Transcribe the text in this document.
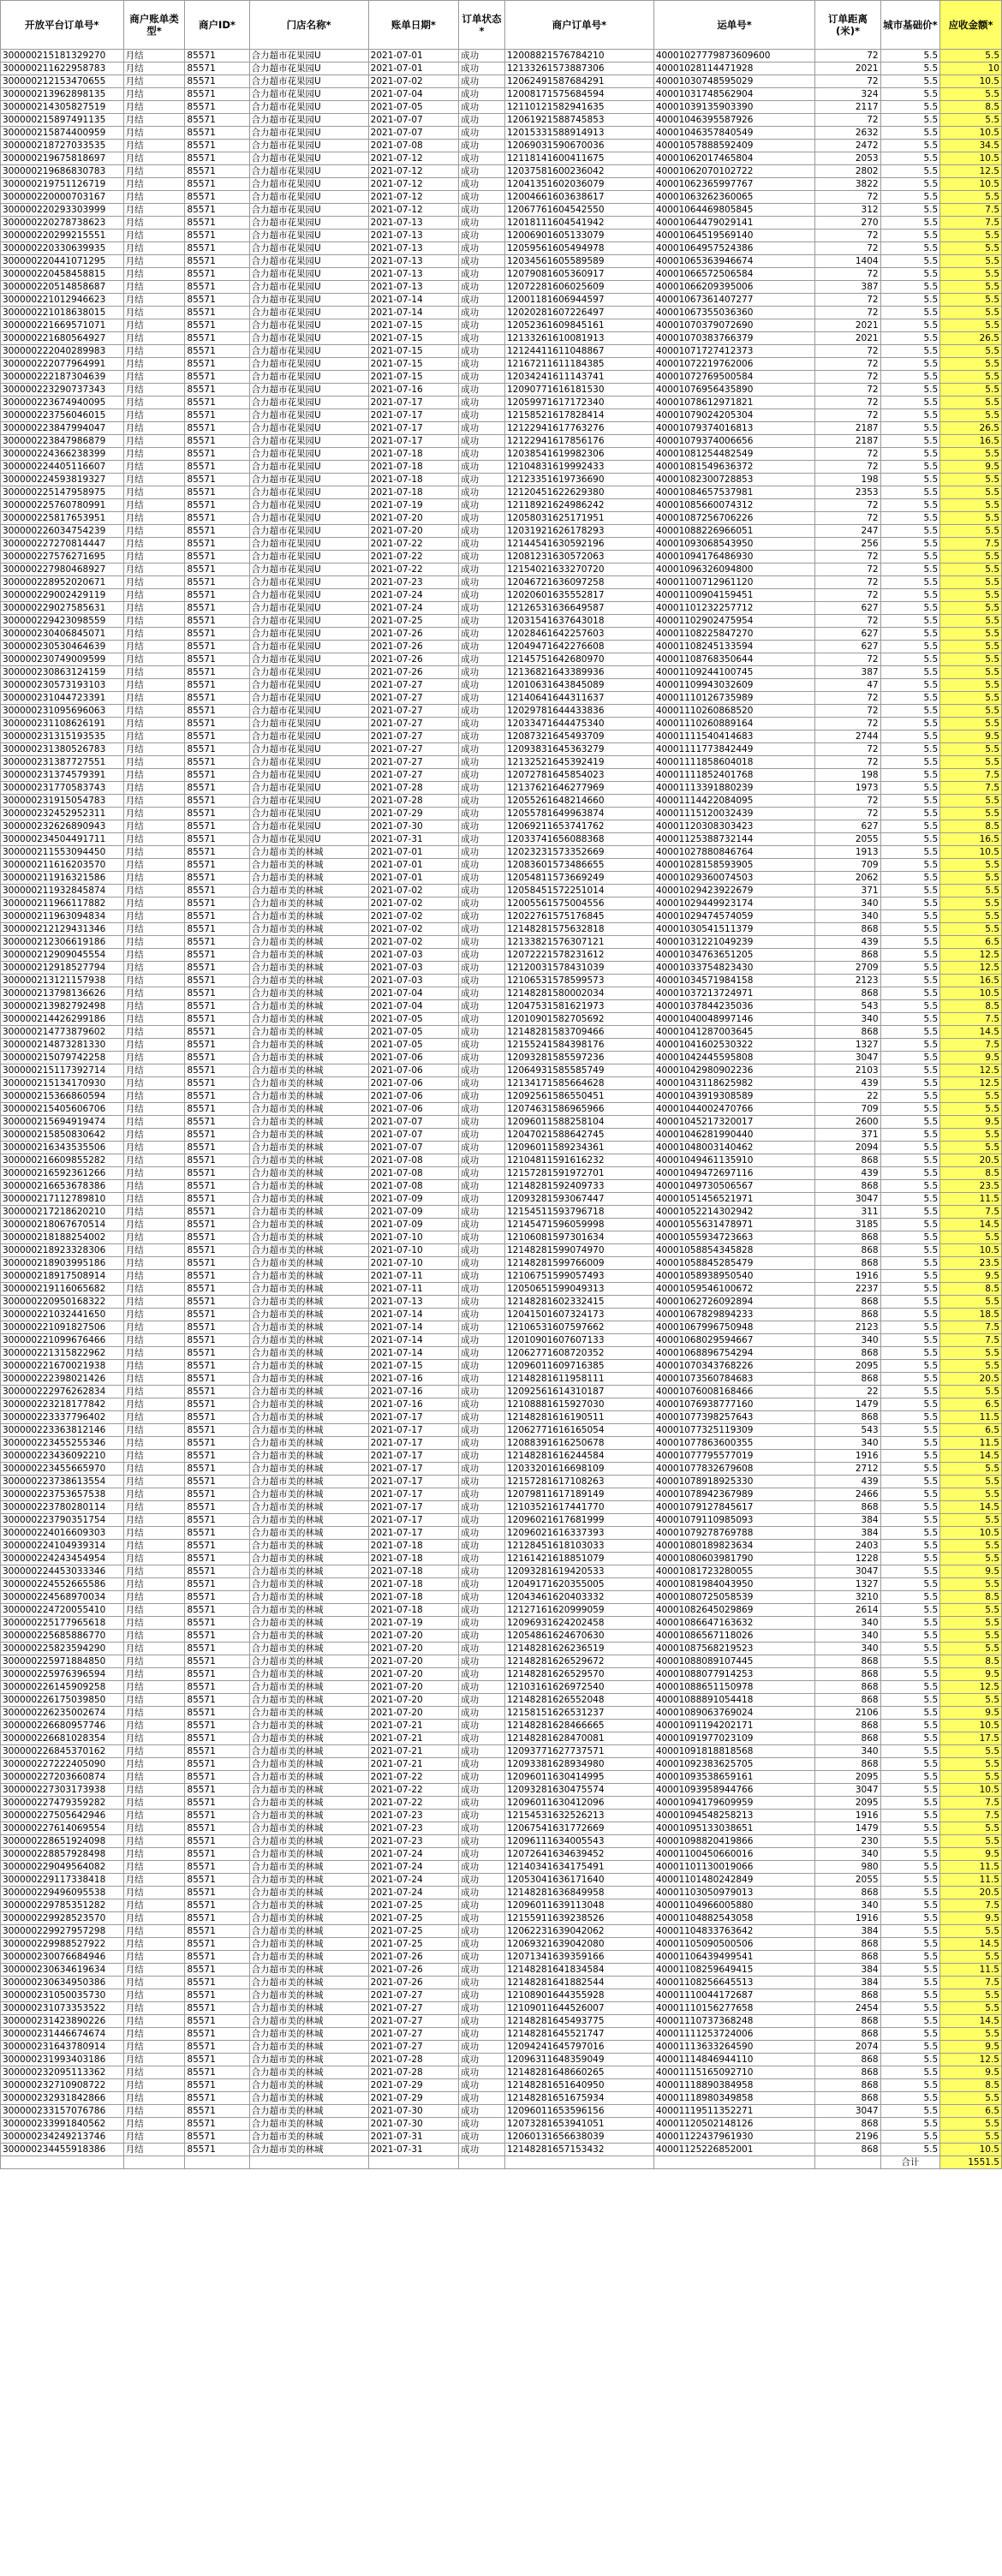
开放平台订单号*	商户账单类型*	商户ID*	门店名称*	账单日期*	订单状态*	商户订单号*	运单号*	订单距离(米)*	城市基础价*	应收金额*
300000215181329270	月结	85571	合力超市花果园U	2021-07-01	成功	12008821576784210	40001027779873609600	72	5.5	5.5
300000211622958783	月结	85571	合力超市花果园U	2021-07-01	成功	12133261573887306	40001028114471928	2021	5.5	10
300000212153470655	月结	85571	合力超市花果园U	2021-07-02	成功	12062491587684291	40001030748595029	72	5.5	10.5
300000213962898135	月结	85571	合力超市花果园U	2021-07-04	成功	12008171575684594	40001031748562904	324	5.5	5.5
300000214305827519	月结	85571	合力超市花果园U	2021-07-05	成功	12110121582941635	40001039135903390	2117	5.5	8.5
300000215897491135	月结	85571	合力超市花果园U	2021-07-07	成功	12061921588745853	40001046395587926	72	5.5	5.5
300000215874400959	月结	85571	合力超市花果园U	2021-07-07	成功	12015331588914913	40001046357840549	2632	5.5	10.5
300000218727033535	月结	85571	合力超市花果园U	2021-07-08	成功	12069031590670036	40001057888592409	2472	5.5	34.5
300000219675818697	月结	85571	合力超市花果园U	2021-07-12	成功	12118141600411675	40001062017465804	2053	5.5	10.5
300000219686830783	月结	85571	合力超市花果园U	2021-07-12	成功	12037581600236042	40001062070102722	2802	5.5	12.5
300000219751126719	月结	85571	合力超市花果园U	2021-07-12	成功	12041351602036079	40001062365997767	3822	5.5	10.5
300000220000703167	月结	85571	合力超市花果园U	2021-07-12	成功	12004661603638617	40001063262360065	72	5.5	5.5
300000220293303999	月结	85571	合力超市花果园U	2021-07-12	成功	12067761604542550	40001064469805845	312	5.5	7.5
300000220278738623	月结	85571	合力超市花果园U	2021-07-13	成功	12018111604541942	40001064479029141	270	5.5	7.5
300000220299215551	月结	85571	合力超市花果园U	2021-07-13	成功	12006901605133079	40001064519569140	72	5.5	5.5
300000220330639935	月结	85571	合力超市花果园U	2021-07-13	成功	12059561605494978	40001064957524386	72	5.5	5.5
300000220441071295	月结	85571	合力超市花果园U	2021-07-13	成功	12034561605589589	40001065363946674	1404	5.5	5.5
300000220458458815	月结	85571	合力超市花果园U	2021-07-13	成功	12079081605360917	40001066572506584	72	5.5	5.5
300000220514858687	月结	85571	合力超市花果园U	2021-07-13	成功	12072281606025609	40001066209395006	387	5.5	5.5
300000221012946623	月结	85571	合力超市花果园U	2021-07-14	成功	12001181606944597	40001067361407277	72	5.5	5.5
300000221018638015	月结	85571	合力超市花果园U	2021-07-14	成功	12020281607226497	40001067355036360	72	5.5	5.5
300000221669571071	月结	85571	合力超市花果园U	2021-07-15	成功	12052361609845161	40001070379072690	2021	5.5	5.5
300000221680564927	月结	85571	合力超市花果园U	2021-07-15	成功	12133261610081913	40001070383766379	2021	5.5	26.5
300000222040289983	月结	85571	合力超市花果园U	2021-07-15	成功	12124411611048867	40001071727412373	72	5.5	5.5
300000222077964991	月结	85571	合力超市花果园U	2021-07-15	成功	12167211611184385	40001072219762006	72	5.5	5.5
300000222187304639	月结	85571	合力超市花果园U	2021-07-15	成功	12034241611143741	40001072769500584	72	5.5	5.5
300000223290737343	月结	85571	合力超市花果园U	2021-07-16	成功	12090771616181530	40001076956435890	72	5.5	5.5
300000223674940095	月结	85571	合力超市花果园U	2021-07-17	成功	12059971617172340	40001078612971821	72	5.5	5.5
300000223756046015	月结	85571	合力超市花果园U	2021-07-17	成功	12158521617828414	40001079024205304	72	5.5	5.5
300000223847994047	月结	85571	合力超市花果园U	2021-07-17	成功	12122941617763276	40001079374016813	2187	5.5	26.5
300000223847986879	月结	85571	合力超市花果园U	2021-07-17	成功	12122941617856176	40001079374006656	2187	5.5	16.5
300000224366238399	月结	85571	合力超市花果园U	2021-07-18	成功	12038541619982306	40001081254482549	72	5.5	5.5
300000224405116607	月结	85571	合力超市花果园U	2021-07-18	成功	12104831619992433	40001081549636372	72	5.5	9.5
300000224593819327	月结	85571	合力超市花果园U	2021-07-18	成功	12123351619736690	40001082300728853	198	5.5	5.5
300000225147958975	月结	85571	合力超市花果园U	2021-07-18	成功	12120451622629380	40001084657537981	2353	5.5	5.5
300000225760780991	月结	85571	合力超市花果园U	2021-07-19	成功	12118921624986242	40001085660074312	72	5.5	5.5
300000225817653951	月结	85571	合力超市花果园U	2021-07-20	成功	12058031625171951	40001087256706226	72	5.5	5.5
300000226034754239	月结	85571	合力超市花果园U	2021-07-20	成功	12031921626178293	40001088226966051	247	5.5	5.5
300000227270814447	月结	85571	合力超市花果园U	2021-07-22	成功	12144541630592196	40001093068543950	256	5.5	7.5
300000227576271695	月结	85571	合力超市花果园U	2021-07-22	成功	12081231630572063	40001094176486930	72	5.5	5.5
300000227980468927	月结	85571	合力超市花果园U	2021-07-22	成功	12154021633270720	40001096326094800	72	5.5	5.5
300000228952020671	月结	85571	合力超市花果园U	2021-07-23	成功	12046721636097258	40001100712961120	72	5.5	5.5
300000229002429119	月结	85571	合力超市花果园U	2021-07-24	成功	12020601635552817	40001100904159451	72	5.5	5.5
300000229027585631	月结	85571	合力超市花果园U	2021-07-24	成功	12126531636649587	40001101232257712	627	5.5	5.5
300000229423098559	月结	85571	合力超市花果园U	2021-07-25	成功	12031541637643018	40001102902475954	72	5.5	5.5
300000230406845071	月结	85571	合力超市花果园U	2021-07-26	成功	12028461642257603	40001108225847270	627	5.5	5.5
300000230530464639	月结	85571	合力超市花果园U	2021-07-26	成功	12049471642276608	40001108245133594	627	5.5	5.5
300000230749009599	月结	85571	合力超市花果园U	2021-07-26	成功	12145751642680970	40001108768350644	72	5.5	5.5
300000230863124159	月结	85571	合力超市花果园U	2021-07-26	成功	12136821643389936	40001109244100745	387	5.5	5.5
300000230573193103	月结	85571	合力超市花果园U	2021-07-27	成功	12010631643845089	40001109943032609	47	5.5	5.5
300000231044723391	月结	85571	合力超市花果园U	2021-07-27	成功	12140641644311637	40001110126735989	72	5.5	5.5
300000231095696063	月结	85571	合力超市花果园U	2021-07-27	成功	12029781644433836	40001110260868520	72	5.5	5.5
300000231108626191	月结	85571	合力超市花果园U	2021-07-27	成功	12033471644475340	40001110260889164	72	5.5	5.5
300000231315193535	月结	85571	合力超市花果园U	2021-07-27	成功	12087321645493709	40001111540414683	2744	5.5	9.5
300000231380526783	月结	85571	合力超市花果园U	2021-07-27	成功	12093831645363279	40001111773842449	72	5.5	5.5
300000231387727551	月结	85571	合力超市花果园U	2021-07-27	成功	12132521645392419	40001111858604018	72	5.5	5.5
300000231374579391	月结	85571	合力超市花果园U	2021-07-27	成功	12072781645854023	40001111852401768	198	5.5	7.5
300000231770583743	月结	85571	合力超市花果园U	2021-07-28	成功	12137621646277969	40001113391880239	1973	5.5	7.5
300000231915054783	月结	85571	合力超市花果园U	2021-07-28	成功	12055261648214660	40001114422084095	72	5.5	5.5
300000232452952311	月结	85571	合力超市花果园U	2021-07-29	成功	12055781649963874	40001115120032439	72	5.5	5.5
300000232626890943	月结	85571	合力超市花果园U	2021-07-30	成功	12069211653741762	40001120308303423	627	5.5	8.5
300000234504491711	月结	85571	合力超市花果园U	2021-07-31	成功	12033741656088368	40001125388732144	2055	5.5	16.5
300000211553094450	月结	85571	合力超市美的林城	2021-07-01	成功	12023231573352669	40001027880846764	1913	5.5	10.5
300000211616203570	月结	85571	合力超市美的林城	2021-07-01	成功	12083601573486655	40001028158593905	709	5.5	5.5
300000211916321586	月结	85571	合力超市美的林城	2021-07-01	成功	12054811573669249	40001029360074503	2062	5.5	5.5
300000211932845874	月结	85571	合力超市美的林城	2021-07-02	成功	12058451572251014	40001029423922679	371	5.5	5.5
300000211966117882	月结	85571	合力超市美的林城	2021-07-02	成功	12005561575004556	40001029449923174	340	5.5	5.5
300000211963094834	月结	85571	合力超市美的林城	2021-07-02	成功	12022761575176845	40001029474574059	340	5.5	5.5
300000212129431346	月结	85571	合力超市美的林城	2021-07-02	成功	12148281575632818	40001030541511379	868	5.5	5.5
300000212306619186	月结	85571	合力超市美的林城	2021-07-02	成功	12133821576307121	40001031221049239	439	5.5	6.5
300000212909045554	月结	85571	合力超市美的林城	2021-07-03	成功	12072221578231612	40001034763651205	868	5.5	12.5
300000212918527794	月结	85571	合力超市美的林城	2021-07-03	成功	12120031578431039	40001033754823430	2709	5.5	12.5
300000213121157938	月结	85571	合力超市美的林城	2021-07-03	成功	12106531578599573	40001034571984158	2123	5.5	16.5
300000213798136626	月结	85571	合力超市美的林城	2021-07-04	成功	12148281580002034	40001037213724971	868	5.5	10.5
300000213982792498	月结	85571	合力超市美的林城	2021-07-04	成功	12047531581621973	40001037844235036	543	5.5	8.5
300000214426299186	月结	85571	合力超市美的林城	2021-07-05	成功	12010901582705692	40001040048997146	340	5.5	7.5
300000214773879602	月结	85571	合力超市美的林城	2021-07-05	成功	12148281583709466	40001041287003645	868	5.5	14.5
300000214873281330	月结	85571	合力超市美的林城	2021-07-05	成功	12155241584398176	40001041602530322	1327	5.5	7.5
300000215079742258	月结	85571	合力超市美的林城	2021-07-06	成功	12093281585597236	40001042445595808	3047	5.5	9.5
300000215117392714	月结	85571	合力超市美的林城	2021-07-06	成功	12064931585585749	40001042980902236	2103	5.5	12.5
300000215134170930	月结	85571	合力超市美的林城	2021-07-06	成功	12134171585664628	40001043118625982	439	5.5	12.5
300000215366860594	月结	85571	合力超市美的林城	2021-07-06	成功	12092561586550451	40001043919308589	22	5.5	5.5
300000215405606706	月结	85571	合力超市美的林城	2021-07-06	成功	12074631586965966	40001044002470766	709	5.5	5.5
300000215694919474	月结	85571	合力超市美的林城	2021-07-07	成功	12096011588258104	40001045217320017	2600	5.5	9.5
300000215850830642	月结	85571	合力超市美的林城	2021-07-07	成功	12047021588642745	40001046281990440	371	5.5	5.5
300000216343535506	月结	85571	合力超市美的林城	2021-07-07	成功	12096011589234361	40001048003140462	2094	5.5	5.5
300000216609855282	月结	85571	合力超市美的林城	2021-07-08	成功	12104811591616232	40001049461135910	868	5.5	20.5
300000216592361266	月结	85571	合力超市美的林城	2021-07-08	成功	12157281591972701	40001049472697116	439	5.5	8.5
300000216653678386	月结	85571	合力超市美的林城	2021-07-08	成功	12148281592409733	40001049730506567	868	5.5	23.5
300000217112789810	月结	85571	合力超市美的林城	2021-07-09	成功	12093281593067447	40001051456521971	3047	5.5	11.5
300000217218620210	月结	85571	合力超市美的林城	2021-07-09	成功	12154511593796718	40001052214302942	311	5.5	7.5
300000218067670514	月结	85571	合力超市美的林城	2021-07-09	成功	12145471596059998	40001055631478971	3185	5.5	14.5
300000218188254002	月结	85571	合力超市美的林城	2021-07-10	成功	12106081597301634	40001055934723663	868	5.5	5.5
300000218923328306	月结	85571	合力超市美的林城	2021-07-10	成功	12148281599074970	40001058854345828	868	5.5	10.5
300000218903995186	月结	85571	合力超市美的林城	2021-07-10	成功	12148281599766009	40001058845285479	868	5.5	23.5
300000218917508914	月结	85571	合力超市美的林城	2021-07-11	成功	12106751599057493	40001058938950540	1916	5.5	9.5
300000219116065682	月结	85571	合力超市美的林城	2021-07-11	成功	12050651599049313	40001059546100672	2237	5.5	8.5
300000220950168322	月结	85571	合力超市美的林城	2021-07-13	成功	12148281602332415	40001062726092894	868	5.5	5.5
300000221032441650	月结	85571	合力超市美的林城	2021-07-14	成功	12041501607324173	40001067829894233	868	5.5	18.5
300000221091827506	月结	85571	合力超市美的林城	2021-07-14	成功	12106531607597662	40001067996750948	2123	5.5	7.5
300000221099676466	月结	85571	合力超市美的林城	2021-07-14	成功	12010901607607133	40001068029594667	340	5.5	7.5
300000221315822962	月结	85571	合力超市美的林城	2021-07-14	成功	12062771608720352	40001068896754294	868	5.5	5.5
300000221670021938	月结	85571	合力超市美的林城	2021-07-15	成功	12096011609716385	40001070343768226	2095	5.5	5.5
300000222398021426	月结	85571	合力超市美的林城	2021-07-16	成功	12148281611958111	40001073560784683	868	5.5	20.5
300000222976262834	月结	85571	合力超市美的林城	2021-07-16	成功	12092561614310187	40001076008168466	22	5.5	5.5
300000223218177842	月结	85571	合力超市美的林城	2021-07-16	成功	12108881615927030	40001076938777160	1479	5.5	6.5
300000223337796402	月结	85571	合力超市美的林城	2021-07-17	成功	12148281616190511	40001077398257643	868	5.5	11.5
300000223363812146	月结	85571	合力超市美的林城	2021-07-17	成功	12062771616165054	40001077325119309	543	5.5	6.5
300000223455255346	月结	85571	合力超市美的林城	2021-07-17	成功	12088391616250678	40001077863600355	340	5.5	11.5
300000223436092210	月结	85571	合力超市美的林城	2021-07-17	成功	12148281616244584	40001077795577019	1916	5.5	14.5
300000223455665970	月结	85571	合力超市美的林城	2021-07-17	成功	12033201616698109	40001077832679608	2712	5.5	5.5
300000223738613554	月结	85571	合力超市美的林城	2021-07-17	成功	12157281617108263	40001078918925330	439	5.5	5.5
300000223753657538	月结	85571	合力超市美的林城	2021-07-17	成功	12079811617189149	40001078942367989	2466	5.5	5.5
300000223780280114	月结	85571	合力超市美的林城	2021-07-17	成功	12103521617441770	40001079127845617	868	5.5	14.5
300000223790351754	月结	85571	合力超市美的林城	2021-07-17	成功	12096021617681999	40001079110985093	384	5.5	5.5
300000224016609303	月结	85571	合力超市美的林城	2021-07-17	成功	12096021616337393	40001079278769788	384	5.5	10.5
300000224104939314	月结	85571	合力超市美的林城	2021-07-18	成功	12128451618103033	40001080189823634	2403	5.5	5.5
300000224243454954	月结	85571	合力超市美的林城	2021-07-18	成功	12161421618851079	40001080603981790	1228	5.5	5.5
300000224453033346	月结	85571	合力超市美的林城	2021-07-18	成功	12093281619420533	40001081723280055	3047	5.5	9.5
300000224552665586	月结	85571	合力超市美的林城	2021-07-18	成功	12049171620355005	40001081984043950	1327	5.5	5.5
300000224568970034	月结	85571	合力超市美的林城	2021-07-18	成功	12043461620403332	40001080725058539	3210	5.5	8.5
300000224720055410	月结	85571	合力超市美的林城	2021-07-18	成功	12127161620999059	40001082645029869	2614	5.5	5.5
300000225177965618	月结	85571	合力超市美的林城	2021-07-19	成功	12096931624202458	40001086647163632	340	5.5	5.5
300000225685886770	月结	85571	合力超市美的林城	2021-07-20	成功	12054861624670630	40001086567118026	340	5.5	5.5
300000225823594290	月结	85571	合力超市美的林城	2021-07-20	成功	12148281626236519	40001087568219523	340	5.5	5.5
300000225971884850	月结	85571	合力超市美的林城	2021-07-20	成功	12148281626529672	40001088089107445	868	5.5	8.5
300000225976396594	月结	85571	合力超市美的林城	2021-07-20	成功	12148281626529570	40001088077914253	868	5.5	9.5
300000226145909258	月结	85571	合力超市美的林城	2021-07-20	成功	12103161626972540	40001088651150978	868	5.5	12.5
300000226175039850	月结	85571	合力超市美的林城	2021-07-20	成功	12148281626552048	40001088891054418	868	5.5	5.5
300000226235002674	月结	85571	合力超市美的林城	2021-07-20	成功	12158151626531237	40001089063769024	2106	5.5	9.5
300000226680957746	月结	85571	合力超市美的林城	2021-07-21	成功	12148281628466665	40001091194202171	868	5.5	10.5
300000226681028354	月结	85571	合力超市美的林城	2021-07-21	成功	12148281628470081	40001091977023109	868	5.5	17.5
300000226845370162	月结	85571	合力超市美的林城	2021-07-21	成功	12093771627737571	40001091818818568	340	5.5	5.5
300000227222405090	月结	85571	合力超市美的林城	2021-07-21	成功	12093381628934980	40001092383625705	868	5.5	5.5
300000227203660874	月结	85571	合力超市美的林城	2021-07-22	成功	12096011630414995	40001093538659161	2095	5.5	5.5
300000227303173938	月结	85571	合力超市美的林城	2021-07-22	成功	12093281630475574	40001093958944766	3047	5.5	10.5
300000227479359282	月结	85571	合力超市美的林城	2021-07-22	成功	12096011630412096	40001094179609959	2095	5.5	7.5
300000227505642946	月结	85571	合力超市美的林城	2021-07-23	成功	12154531632526213	40001094548258213	1916	5.5	7.5
300000227614069554	月结	85571	合力超市美的林城	2021-07-23	成功	12067541631772669	40001095133038651	1479	5.5	5.5
300000228651924098	月结	85571	合力超市美的林城	2021-07-23	成功	12096111634005543	40001098820419866	230	5.5	5.5
300000228857928498	月结	85571	合力超市美的林城	2021-07-24	成功	12072641634639452	40001100450660016	340	5.5	9.5
300000229049564082	月结	85571	合力超市美的林城	2021-07-24	成功	12140341634175491	40001101130019066	980	5.5	11.5
300000229117338418	月结	85571	合力超市美的林城	2021-07-24	成功	12053041636171640	40001101480242849	2055	5.5	11.5
300000229496095538	月结	85571	合力超市美的林城	2021-07-24	成功	12148281636849958	40001103050979013	868	5.5	20.5
300000229785351282	月结	85571	合力超市美的林城	2021-07-25	成功	12096011639113048	40001104966005880	340	5.5	7.5
300000229928523570	月结	85571	合力超市美的林城	2021-07-25	成功	12155911639238526	40001104882543058	1916	5.5	9.5
300000229927957298	月结	85571	合力超市美的林城	2021-07-25	成功	12062231639042062	40001104833763642	384	5.5	5.5
300000229988527922	月结	85571	合力超市美的林城	2021-07-25	成功	12069321639042080	40001105090500506	868	5.5	14.5
300000230076684946	月结	85571	合力超市美的林城	2021-07-26	成功	12071341639359166	40001106439499541	868	5.5	5.5
300000230634619634	月结	85571	合力超市美的林城	2021-07-26	成功	12148281641834584	40001108259649415	384	5.5	11.5
300000230634950386	月结	85571	合力超市美的林城	2021-07-26	成功	12148281641882544	40001108256645513	384	5.5	7.5
300000231050035730	月结	85571	合力超市美的林城	2021-07-27	成功	12108901644355928	40001110044172687	868	5.5	5.5
300000231073353522	月结	85571	合力超市美的林城	2021-07-27	成功	12109011644526007	40001110156277658	2454	5.5	5.5
300000231423890226	月结	85571	合力超市美的林城	2021-07-27	成功	12148281645493775	40001110737368248	868	5.5	14.5
300000231446674674	月结	85571	合力超市美的林城	2021-07-27	成功	12148281645521747	40001111253724006	868	5.5	5.5
300000231643780914	月结	85571	合力超市美的林城	2021-07-27	成功	12094241645797016	40001113633264590	2074	5.5	9.5
300000231993403186	月结	85571	合力超市美的林城	2021-07-28	成功	12096311648359049	40001114846944110	868	5.5	12.5
300000232095113362	月结	85571	合力超市美的林城	2021-07-28	成功	12148281648660265	40001115165092710	868	5.5	9.5
300000232710908722	月结	85571	合力超市美的林城	2021-07-29	成功	12148281651640950	40001118890384958	868	5.5	8.5
300000232931842866	月结	85571	合力超市美的林城	2021-07-29	成功	12148281651675934	40001118980349858	868	5.5	5.5
300000233157076786	月结	85571	合力超市美的林城	2021-07-30	成功	12096011653596156	40001119511352271	3047	5.5	6.5
300000233991840562	月结	85571	合力超市美的林城	2021-07-30	成功	12073281653941051	40001120502148126	868	5.5	5.5
300000234249213746	月结	85571	合力超市美的林城	2021-07-31	成功	12060131656638039	40001122437961930	2196	5.5	5.5
300000234455918386	月结	85571	合力超市美的林城	2021-07-31	成功	12148281657153432	40001125226852001	868	5.5	10.5
									合计	1551.5
